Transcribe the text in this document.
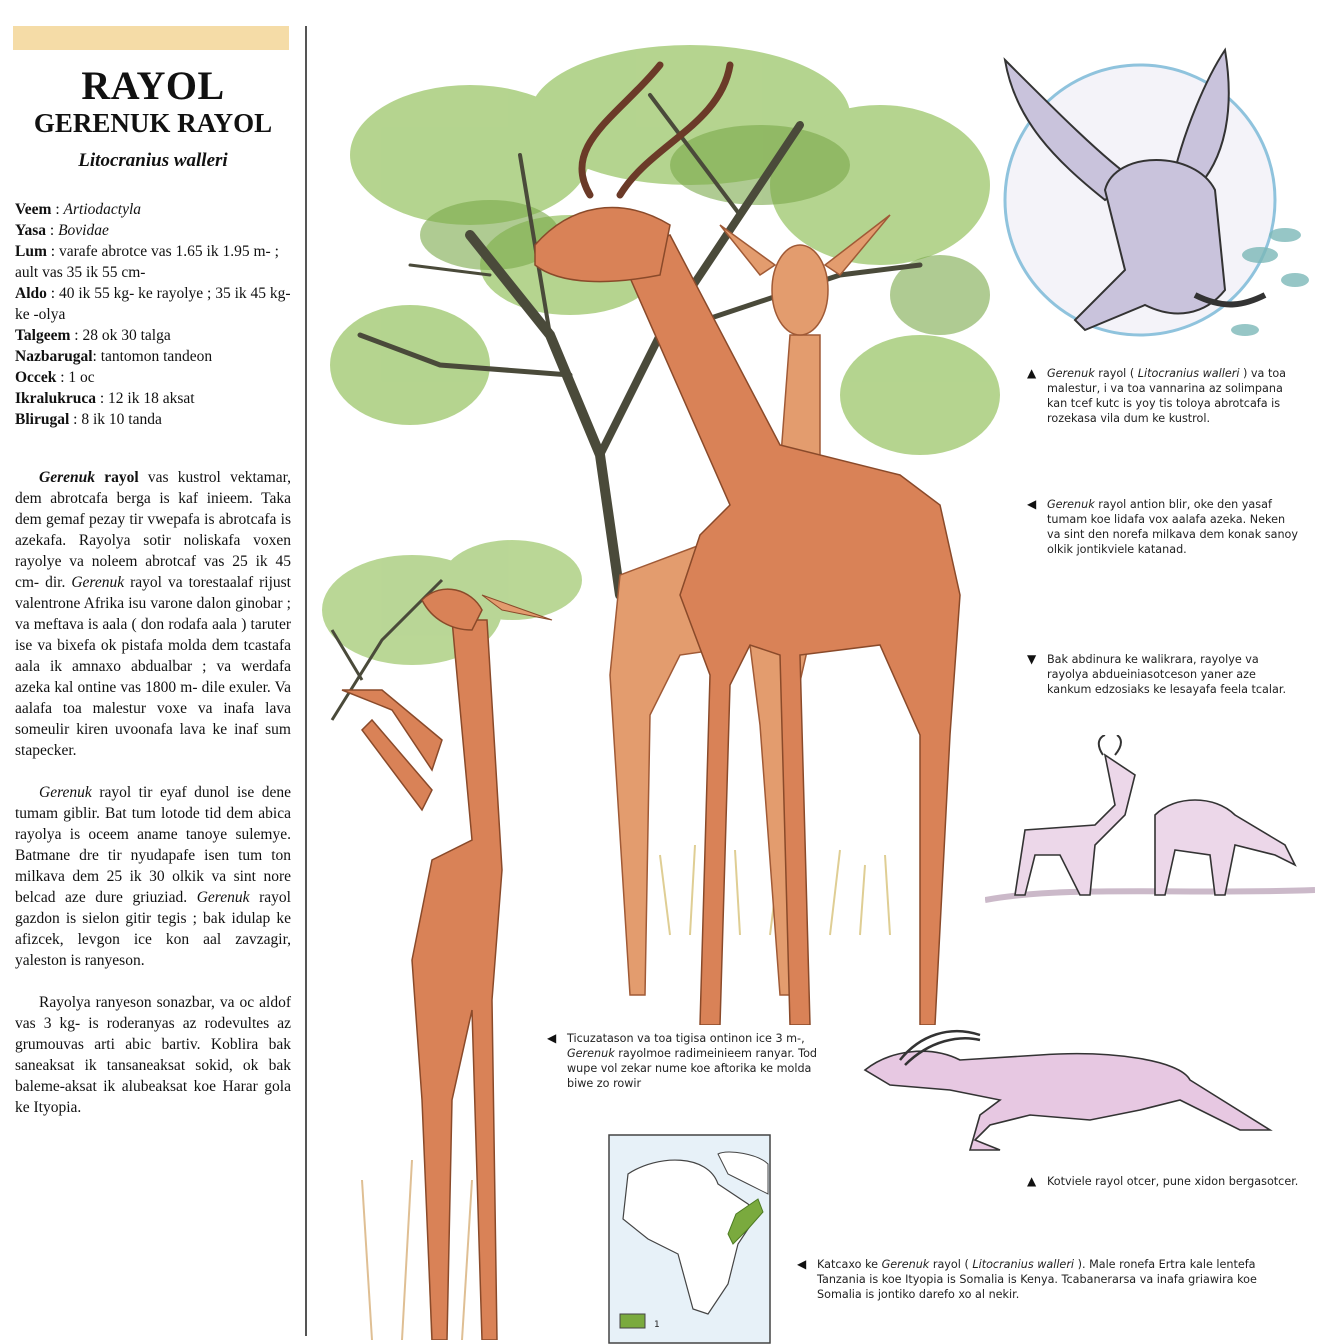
RAYOL
GERENUK RAYOL
Litocranius walleri
Veem : Artiodactyla
Yasa : Bovidae
Lum : varafe abrotce vas 1.65 ik 1.95 m- ; ault vas 35 ik 55 cm-
Aldo : 40 ik 55 kg- ke rayolye ; 35 ik 45 kg- ke -olya
Talgeem : 28 ok 30 talga
Nazbarugal: tantomon tandeon
Occek : 1 oc
Ikralukruca : 12 ik 18 aksat
Blirugal : 8 ik 10 tanda

Gerenuk rayol vas kustrol vektamar, dem abrotcafa berga is kaf inieem. Taka dem gemaf pezay tir vwepafa is abrotcafa is azekafa. Rayolya sotir noliskafa voxen rayolye va noleem abrotcaf vas 25 ik 45 cm- dir. Gerenuk rayol va torestaalaf rijust valentrone Afrika isu varone dalon ginobar ; va meftava is aala ( don rodafa aala ) taruter ise va bixefa ok pistafa molda dem tcastafa aala ik amnaxo abdualbar ; va werdafa azeka kal ontine vas 1800 m- dile exuler. Va aalafa toa malestur voxe va inafa lava someulir kiren uvoonafa lava ke inaf sum stapecker.

Gerenuk rayol tir eyaf dunol ise dene tumam giblir. Bat tum lotode tid dem abica rayolya is oceem aname tanoye sulemye. Batmane dre tir nyudapafe isen tum ton milkava dem 25 ik 30 olkik va sint nore belcad aze dure griuziad. Gerenuk rayol gazdon is sielon gitir tegis ; bak idulap ke afizcek, levgon ice kon aal zavzagir, yaleston is ranyeson.

Rayolya ranyeson sonazbar, va oc aldof vas 3 kg- is roderanyas az rodevultes az grumouvas arti abic bartiv. Koblira bak saneaksat ik tansaneaksat sokid, ok bak baleme-aksat ik alubeaksat koe Harar gola ke Ityopia.

1
▲ Gerenuk rayol ( Litocranius walleri ) va toa malestur, i va toa vannarina az solimpana kan tcef kutc is yoy tis toloya abrotcafa is rozekasa vila dum ke kustrol.
◀ Gerenuk rayol antion blir, oke den yasaf tumam koe lidafa vox aalafa azeka. Neken va sint den norefa milkava dem konak sanoy olkik jontikviele katanad.
▼ Bak abdinura ke walikrara, rayolye va rayolya abdueiniasotceson yaner aze kankum edzosiaks ke lesayafa feela tcalar.
◀ Ticuzatason va toa tigisa ontinon ice 3 m-,
Gerenuk rayolmoe radimeinieem ranyar. Tod wupe vol zekar nume koe aftorika ke molda biwe zo rowir
▲ Kotviele rayol otcer, pune xidon bergasotcer.
◀ Katcaxo ke Gerenuk rayol ( Litocranius walleri ). Male ronefa Ertra kale lentefa Tanzania is koe Ityopia is Somalia is Kenya. Tcabanerarsa va inafa griawira koe Somalia is jontiko darefo xo al nekir.
